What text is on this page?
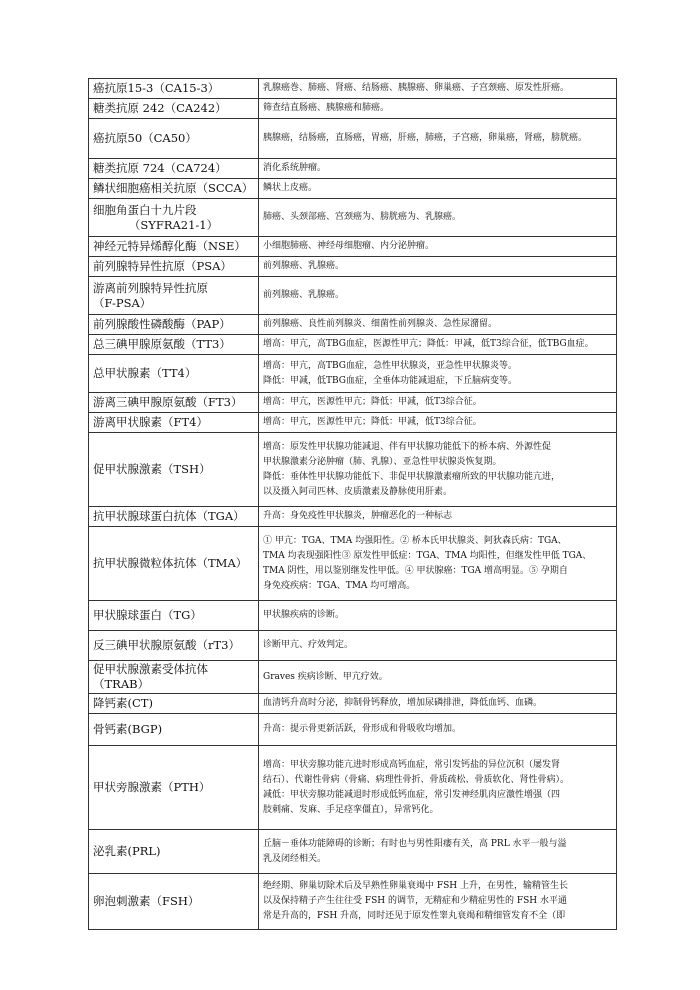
癌抗原15-3（CA15-3）	乳腺癌巻、肺癌、肾癌、结肠癌、胰腺癌、卵巢癌、子宫颈癌、原发性肝癌。
糖类抗原 242（CA242）	筛查结直肠癌、胰腺癌和肺癌。
癌抗原50（CA50）	胰腺癌，结肠癌，直肠癌，胃癌，肝癌，肺癌，子宫癌，卵巢癌，肾癌，膀胱癌。
糖类抗原 724（CA724）	消化系统肿瘤。
鳞状细胞癌相关抗原（SCCA）	鳞状上皮癌。

细胞角蛋白十九片段
（SYFRA21-1）	肺癌、头颈部癌、宫颈癌为、膀胱癌为、乳腺癌。
神经元特异烯醇化酶（NSE）	小细胞肺癌、神经母细胞瘤、内分泌肿瘤。
前列腺特异性抗原（PSA）	前列腺癌、乳腺癌。

游离前列腺特异性抗原
（F-PSA）	前列腺癌、乳腺癌。
前列腺酸性磷酸酶（PAP）	前列腺癌、良性前列腺炎、细菌性前列腺炎、急性尿潴留。
总三碘甲腺原氨酸（TT3）	增高：甲亢，高TBG血症，医源性甲亢；降低：甲减，低T3综合征，低TBG血症。
总甲状腺素（TT4）	增高：甲亢，高TBG血症，急性甲状腺炎，亚急性甲状腺炎等。
降低：甲减，低TBG血症，全垂体功能减退症，下丘脑病变等。

游离三碘甲腺原氨酸（FT3）	增高：甲亢，医源性甲亢；降低：甲减，低T3综合征。
游离甲状腺素（FT4）	增高：甲亢，医源性甲亢；降低：甲减，低T3综合征。
促甲状腺激素（TSH）	增高：原发性甲状腺功能减退、伴有甲状腺功能低下的桥本病、外源性促
甲状腺激素分泌肿瘤（肺、乳腺）、亚急性甲状腺炎恢复期。
降低：垂体性甲状腺功能低下、非促甲状腺激素瘤所致的甲状腺功能亢进，
以及摄入阿司匹林、皮质激素及静脉使用肝素。

抗甲状腺球蛋白抗体（TGA）	升高：身免疫性甲状腺炎，肿瘤恶化的一种标志
抗甲状腺微粒体抗体（TMA）	① 甲亢：TGA、TMA 均强阳性。② 桥本氏甲状腺炎、阿狄森氏病：TGA、
TMA 均表现强阳性③ 原发性甲低症：TGA、TMA 均阳性，但继发性甲低 TGA、
TMA 阴性，用以鉴别继发性甲低。④ 甲状腺癌：TGA 增高明显。⑤ 孕期自
身免疫疾病：TGA、TMA 均可增高。

甲状腺球蛋白（TG）	甲状腺疾病的诊断。
反三碘甲状腺原氨酸（rT3）	诊断甲亢、疗效判定。
促甲状腺激素受体抗体（TRAB）	Graves 疾病诊断、甲亢疗效。
降钙素(CT)	血清钙升高时分泌，抑制骨钙释放，增加尿磷排泄，降低血钙、血磷。
骨钙素(BGP)	升高：提示骨更新活跃，骨形成和骨吸收均增加。
甲状旁腺激素（PTH）	增高：甲状旁腺功能亢进时形成高钙血症，常引发钙盐的异位沉积（屡发肾
结石）、代谢性骨病（骨痛、病理性骨折、骨质疏松、骨质软化、肾性骨病）。
减低：甲状旁腺功能减退时形成低钙血症，常引发神经肌肉应激性增强（四
肢刺痛、发麻、手足痉挛僵直），异常钙化。

泌乳素(PRL)	丘脑－垂体功能障碍的诊断；有时也与男性阳痿有关，高 PRL 水平一般与溢
乳及闭经相关。

卵泡刺激素（FSH）	绝经期、卵巢切除术后及早熟性卵巢衰竭中 FSH 上升，在男性，输精管生长
以及保持精子产生往往受 FSH 的调节，无精症和少精症男性的 FSH 水平通
常是升高的，FSH 升高，同时还见于原发性睾丸衰竭和精细管发育不全（即
